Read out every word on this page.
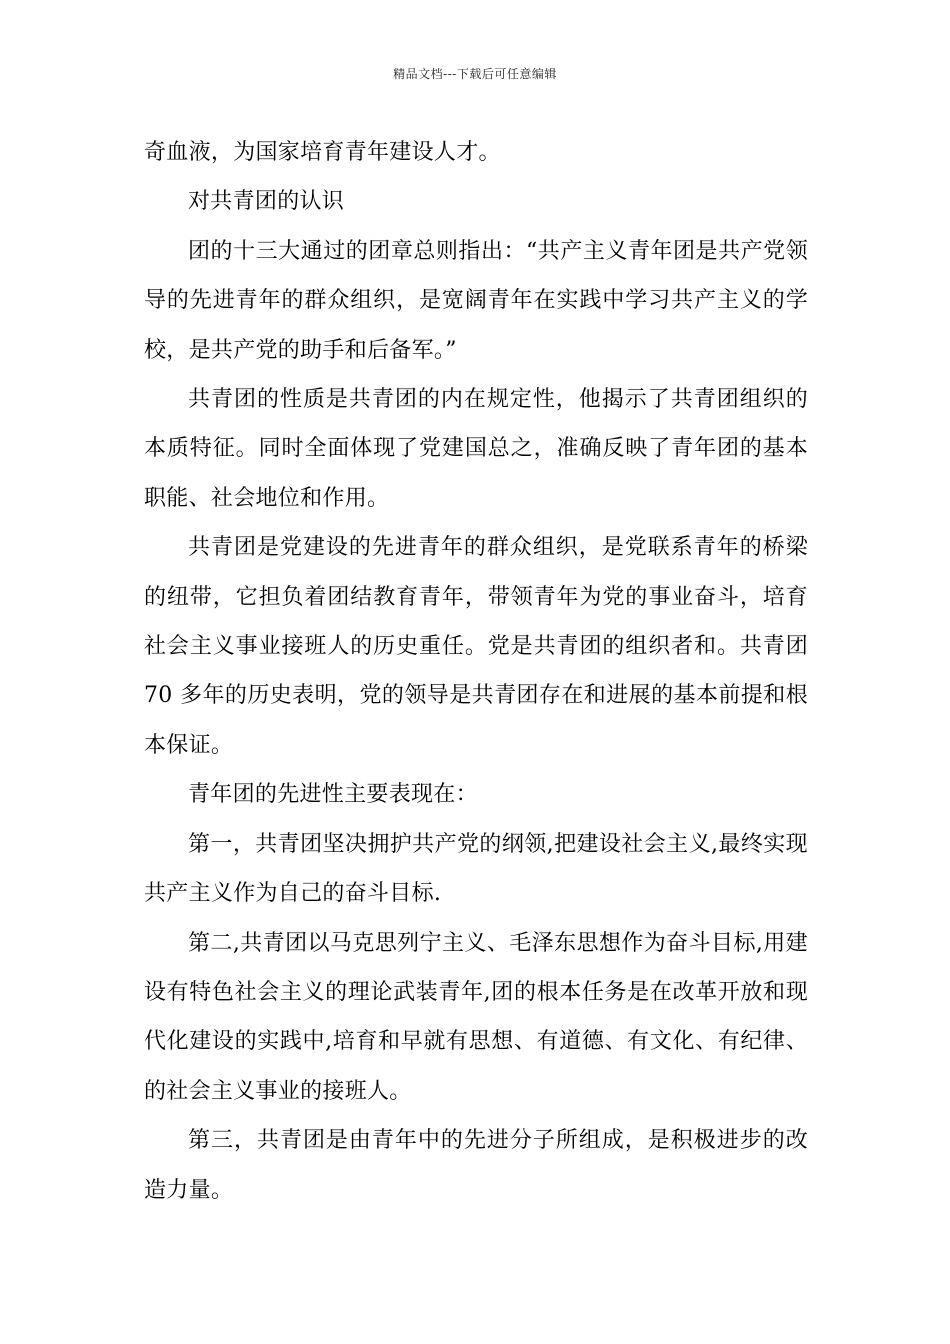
精品文档---下载后可任意编辑

奇血液，为国家培育青年建设人才。

对共青团的认识

团的十三大通过的团章总则指出：“共产主义青年团是共产党领导的先进青年的群众组织，是宽阔青年在实践中学习共产主义的学校，是共产党的助手和后备军。”

共青团的性质是共青团的内在规定性，他揭示了共青团组织的本质特征。同时全面体现了党建国总之，准确反映了青年团的基本职能、社会地位和作用。

共青团是党建设的先进青年的群众组织，是党联系青年的桥梁的纽带，它担负着团结教育青年，带领青年为党的事业奋斗，培育社会主义事业接班人的历史重任。党是共青团的组织者和。共青团 70 多年的历史表明，党的领导是共青团存在和进展的基本前提和根本保证。

青年团的先进性主要表现在：

第一，共青团坚决拥护共产党的纲领,把建设社会主义,最终实现共产主义作为自己的奋斗目标.

第二,共青团以马克思列宁主义、毛泽东思想作为奋斗目标,用建设有特色社会主义的理论武装青年,团的根本任务是在改革开放和现代化建设的实践中,培育和早就有思想、有道德、有文化、有纪律、的社会主义事业的接班人。

第三，共青团是由青年中的先进分子所组成，是积极进步的改造力量。
